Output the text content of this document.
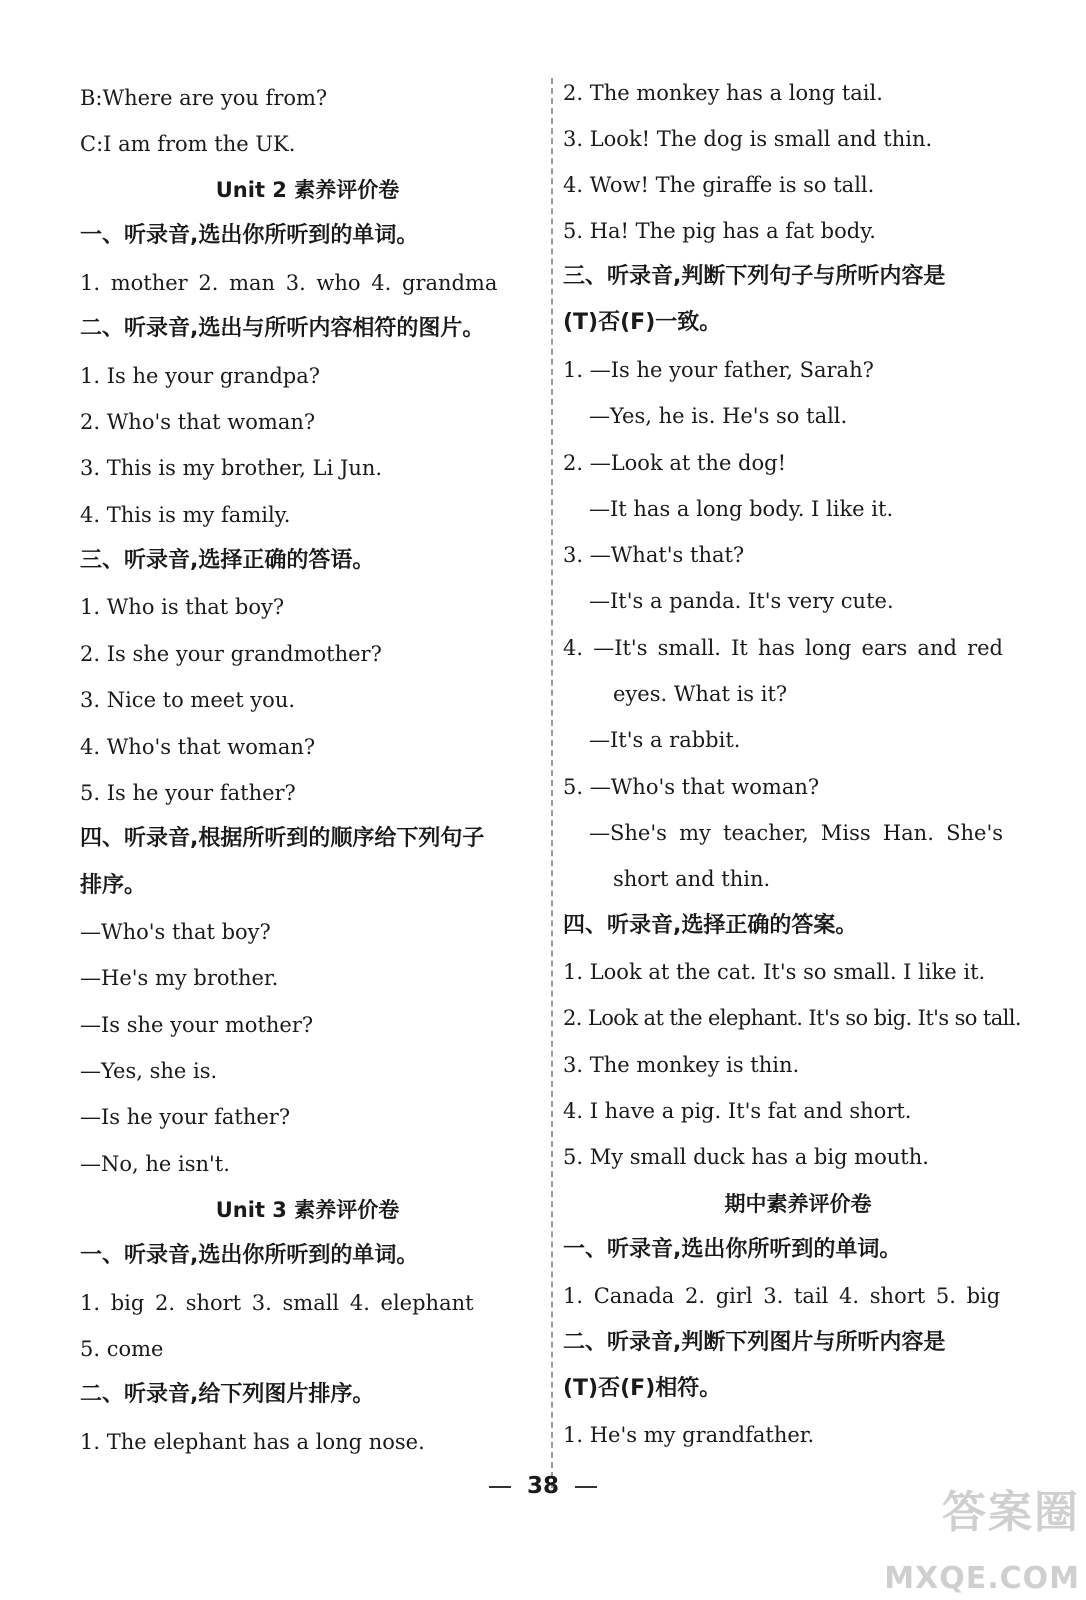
B:Where are you from?
C:I am from the UK.
Unit 2 素养评价卷
一、听录音,选出你所听到的单词。
1. mother 2. man 3. who 4. grandma
二、听录音,选出与所听内容相符的图片。
1. Is he your grandpa?
2. Who's that woman?
3. This is my brother, Li Jun.
4. This is my family.
三、听录音,选择正确的答语。
1. Who is that boy?
2. Is she your grandmother?
3. Nice to meet you.
4. Who's that woman?
5. Is he your father?
四、听录音,根据所听到的顺序给下列句子
排序。
—Who's that boy?
—He's my brother.
—Is she your mother?
—Yes, she is.
—Is he your father?
—No, he isn't.
Unit 3 素养评价卷
一、听录音,选出你所听到的单词。
1. big 2. short 3. small 4. elephant
5. come
二、听录音,给下列图片排序。
1. The elephant has a long nose.
2. The monkey has a long tail.
3. Look! The dog is small and thin.
4. Wow! The giraffe is so tall.
5. Ha! The pig has a fat body.
三、听录音,判断下列句子与所听内容是
(T)否(F)一致。
1. —Is he your father, Sarah?
—Yes, he is. He's so tall.
2. —Look at the dog!
—It has a long body. I like it.
3. —What's that?
—It's a panda. It's very cute.
4. —It's small. It has long ears and red
eyes. What is it?
—It's a rabbit.
5. —Who's that woman?
—She's my teacher, Miss Han. She's
short and thin.
四、听录音,选择正确的答案。
1. Look at the cat. It's so small. I like it.
2. Look at the elephant. It's so big. It's so tall.
3. The monkey is thin.
4. I have a pig. It's fat and short.
5. My small duck has a big mouth.
期中素养评价卷
一、听录音,选出你所听到的单词。
1. Canada 2. girl 3. tail 4. short 5. big
二、听录音,判断下列图片与所听内容是
(T)否(F)相符。
1. He's my grandfather.
38
答案圈
MXQE.COM
